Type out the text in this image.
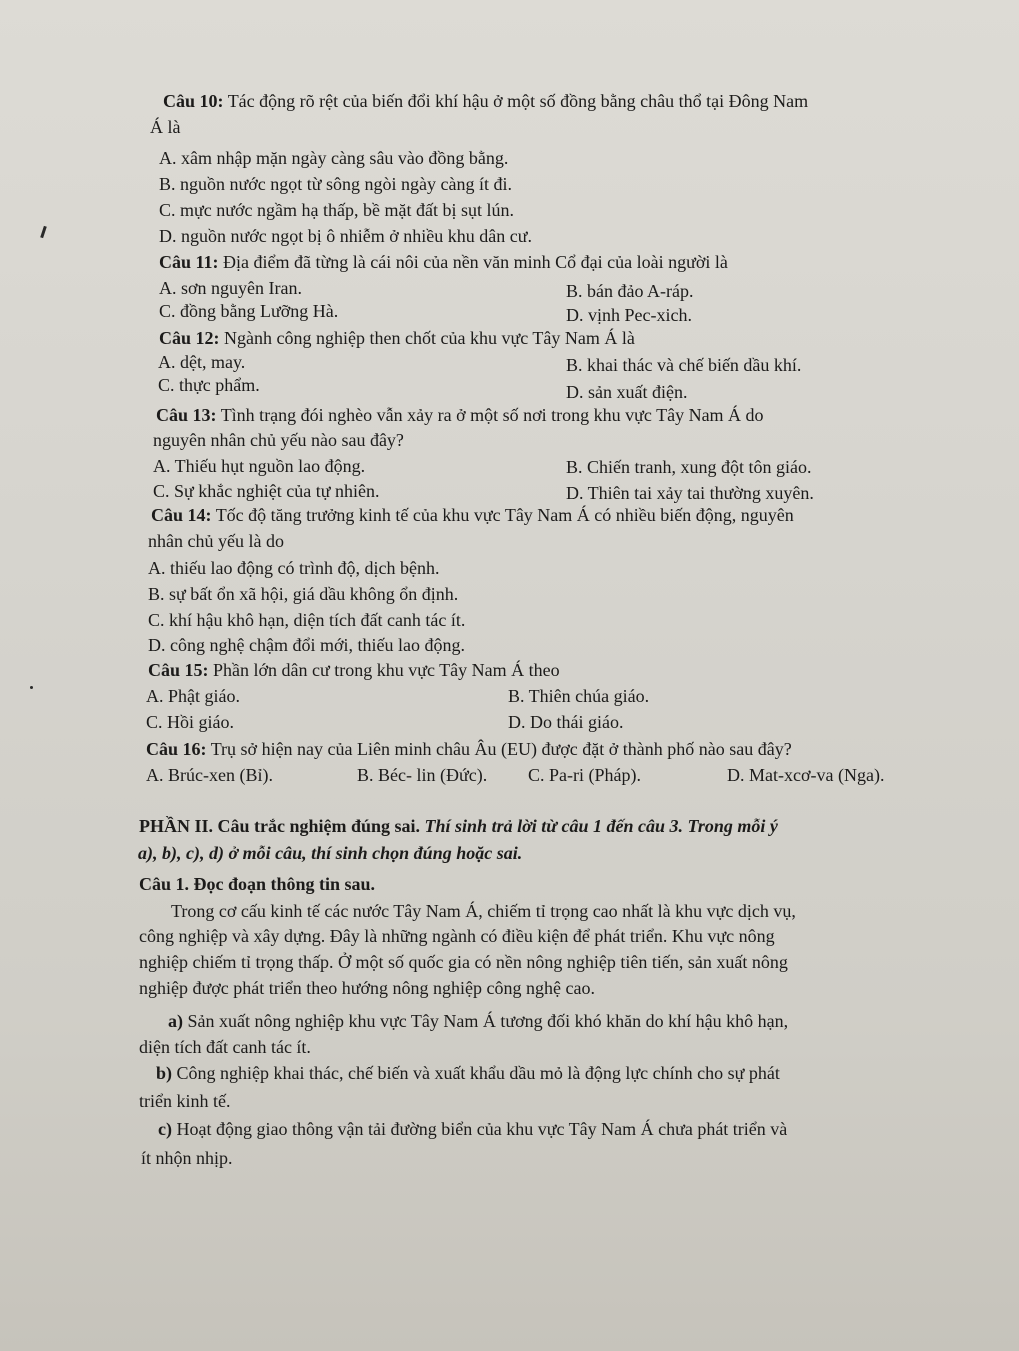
Câu 10: Tác động rõ rệt của biến đổi khí hậu ở một số đồng bằng châu thổ tại Đông Nam
Á là
A. xâm nhập mặn ngày càng sâu vào đồng bằng.
B. nguồn nước ngọt từ sông ngòi ngày càng ít đi.
C. mực nước ngầm hạ thấp, bề mặt đất bị sụt lún.
D. nguồn nước ngọt bị ô nhiễm ở nhiều khu dân cư.
Câu 11: Địa điểm đã từng là cái nôi của nền văn minh Cổ đại của loài người là
A. sơn nguyên Iran.	B. bán đảo A-ráp.
C. đồng bằng Lưỡng Hà.	D. vịnh Pec-xich.
Câu 12: Ngành công nghiệp then chốt của khu vực Tây Nam Á là
A. dệt, may.	B. khai thác và chế biến dầu khí.
C. thực phẩm.	D. sản xuất điện.
Câu 13: Tình trạng đói nghèo vẫn xảy ra ở một số nơi trong khu vực Tây Nam Á do
nguyên nhân chủ yếu nào sau đây?
A. Thiếu hụt nguồn lao động.	B. Chiến tranh, xung đột tôn giáo.
C. Sự khắc nghiệt của tự nhiên.	D. Thiên tai xảy tai thường xuyên.
Câu 14: Tốc độ tăng trưởng kinh tế của khu vực Tây Nam Á có nhiều biến động, nguyên
nhân chủ yếu là do
A. thiếu lao động có trình độ, dịch bệnh.
B. sự bất ổn xã hội, giá dầu không ổn định.
C. khí hậu khô hạn, diện tích đất canh tác ít.
D. công nghệ chậm đổi mới, thiếu lao động.
Câu 15: Phần lớn dân cư trong khu vực Tây Nam Á theo
A. Phật giáo.	B. Thiên chúa giáo.
C. Hồi giáo.	D. Do thái giáo.
Câu 16: Trụ sở hiện nay của Liên minh châu Âu (EU) được đặt ở thành phố nào sau đây?
A. Brúc-xen (Bỉ).	B. Béc- lin (Đức). C. Pa-ri (Pháp).	D. Mat-xcơ-va (Nga).
PHẦN II. Câu trắc nghiệm đúng sai. Thí sinh trả lời từ câu 1 đến câu 3. Trong mỗi ý
a), b), c), d) ở mỗi câu, thí sinh chọn đúng hoặc sai.
Câu 1. Đọc đoạn thông tin sau.
Trong cơ cấu kinh tế các nước Tây Nam Á, chiếm tỉ trọng cao nhất là khu vực dịch vụ,
công nghiệp và xây dựng. Đây là những ngành có điều kiện để phát triển. Khu vực nông
nghiệp chiếm tỉ trọng thấp. Ở một số quốc gia có nền nông nghiệp tiên tiến, sản xuất nông
nghiệp được phát triển theo hướng nông nghiệp công nghệ cao.
a) Sản xuất nông nghiệp khu vực Tây Nam Á tương đối khó khăn do khí hậu khô hạn,
diện tích đất canh tác ít.
b) Công nghiệp khai thác, chế biến và xuất khẩu dầu mỏ là động lực chính cho sự phát
triển kinh tế.
c) Hoạt động giao thông vận tải đường biển của khu vực Tây Nam Á chưa phát triển và
ít nhộn nhịp.
